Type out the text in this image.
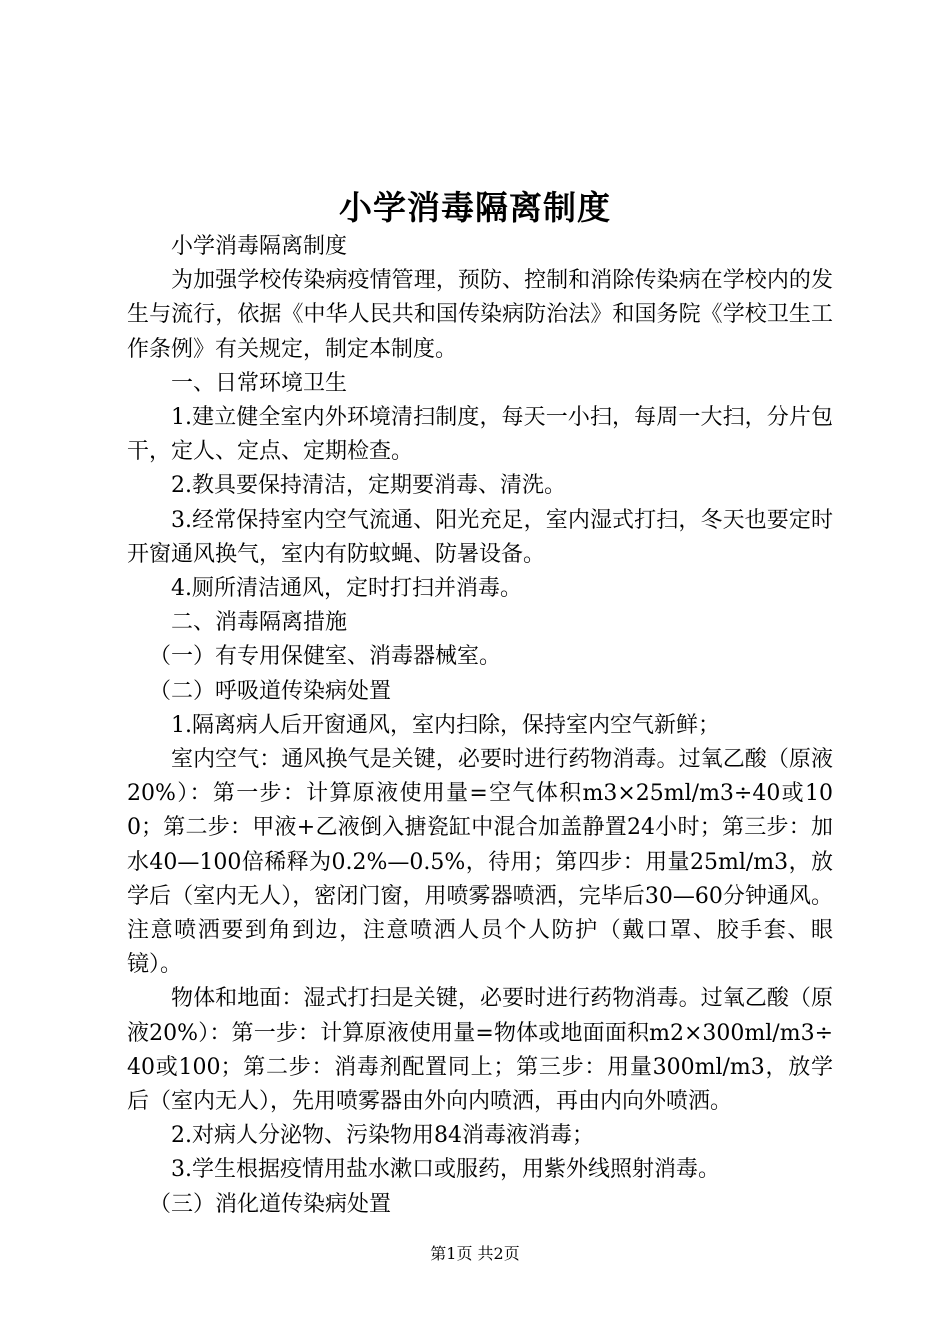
小学消毒隔离制度

小学消毒隔离制度

为加强学校传染病疫情管理，预防、控制和消除传染病在学校内的发生与流行，依据《中华人民共和国传染病防治法》和国务院《学校卫生工作条例》有关规定，制定本制度。

一、日常环境卫生

1.建立健全室内外环境清扫制度，每天一小扫，每周一大扫，分片包干，定人、定点、定期检查。

2.教具要保持清洁，定期要消毒、清洗。

3.经常保持室内空气流通、阳光充足，室内湿式打扫，冬天也要定时开窗通风换气，室内有防蚊蝇、防暑设备。

4.厕所清洁通风，定时打扫并消毒。

二、消毒隔离措施

（一）有专用保健室、消毒器械室。

（二）呼吸道传染病处置

1.隔离病人后开窗通风，室内扫除，保持室内空气新鲜；

室内空气：通风换气是关键，必要时进行药物消毒。过氧乙酸（原液20%）：第一步：计算原液使用量=空气体积m3×25ml/m3÷40或100；第二步：甲液+乙液倒入搪瓷缸中混合加盖静置24小时；第三步：加水40—100倍稀释为0.2%—0.5%，待用；第四步：用量25ml/m3，放学后（室内无人），密闭门窗，用喷雾器喷洒，完毕后30—60分钟通风。注意喷洒要到角到边，注意喷洒人员个人防护（戴口罩、胶手套、眼镜）。

物体和地面：湿式打扫是关键，必要时进行药物消毒。过氧乙酸（原液20%）：第一步：计算原液使用量=物体或地面面积m2×300ml/m3÷40或100；第二步：消毒剂配置同上；第三步：用量300ml/m3，放学后（室内无人），先用喷雾器由外向内喷洒，再由内向外喷洒。

2.对病人分泌物、污染物用84消毒液消毒；

3.学生根据疫情用盐水漱口或服药，用紫外线照射消毒。

（三）消化道传染病处置

第1页 共2页
